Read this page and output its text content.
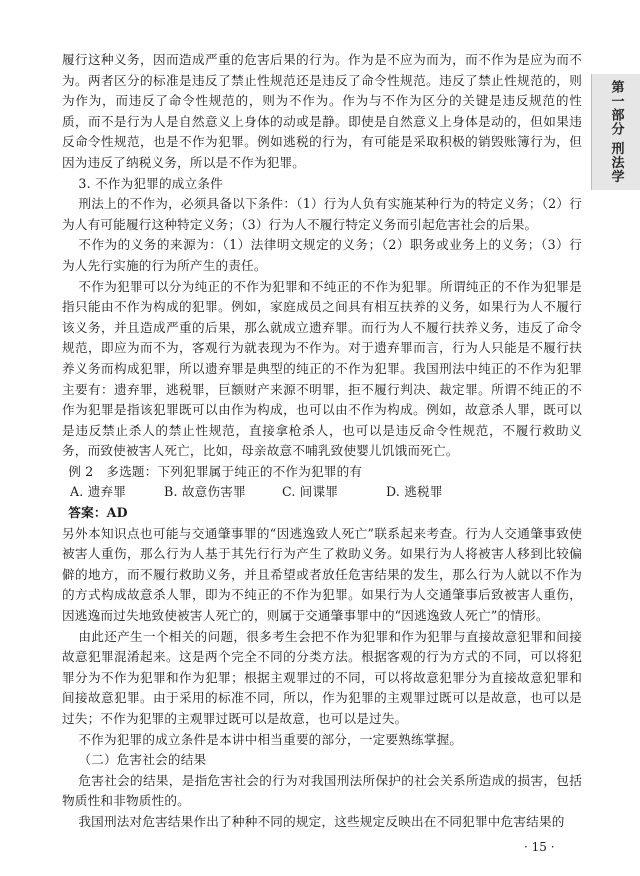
履行这种义务，因而造成严重的危害后果的行为。作为是不应为而为，而不作为是应为而不为。两者区分的标准是违反了禁止性规范还是违反了命令性规范。违反了禁止性规范的，则为作为，而违反了命令性规范的，则为不作为。作为与不作为区分的关键是违反规范的性质，而不是行为人是自然意义上身体的动或是静。即使是自然意义上身体是动的，但如果违反命令性规范，也是不作为犯罪。例如逃税的行为，有可能是采取积极的销毁账簿行为，但因为违反了纳税义务，所以是不作为犯罪。

3. 不作为犯罪的成立条件

刑法上的不作为，必须具备以下条件：（1）行为人负有实施某种行为的特定义务；（2）行为人有可能履行这种特定义务；（3）行为人不履行特定义务而引起危害社会的后果。

不作为的义务的来源为：（1）法律明文规定的义务；（2）职务或业务上的义务；（3）行为人先行实施的行为所产生的责任。

不作为犯罪可以分为纯正的不作为犯罪和不纯正的不作为犯罪。所谓纯正的不作为犯罪是指只能由不作为构成的犯罪。例如，家庭成员之间具有相互扶养的义务，如果行为人不履行该义务，并且造成严重的后果，那么就成立遗弃罪。而行为人不履行扶养义务，违反了命令规范，即应为而不为，客观行为就表现为不作为。对于遗弃罪而言，行为人只能是不履行扶养义务而构成犯罪，所以遗弃罪是典型的纯正的不作为犯罪。我国刑法中纯正的不作为犯罪主要有：遗弃罪，逃税罪，巨额财产来源不明罪，拒不履行判决、裁定罪。所谓不纯正的不作为犯罪是指该犯罪既可以由作为构成，也可以由不作为构成。例如，故意杀人罪，既可以是违反禁止杀人的禁止性规范，直接拿枪杀人，也可以是违反命令性规范，不履行救助义务，而致使被害人死亡，比如，母亲故意不哺乳致使婴儿饥饿而死亡。

例 2　多选题：下列犯罪属于纯正的不作为犯罪的有

A. 遗弃罪	B. 故意伤害罪	C. 间谍罪	D. 逃税罪

答案：AD

另外本知识点也可能与交通肇事罪的“因逃逸致人死亡”联系起来考查。行为人交通肇事致使被害人重伤，那么行为人基于其先行行为产生了救助义务。如果行为人将被害人移到比较偏僻的地方，而不履行救助义务，并且希望或者放任危害结果的发生，那么行为人就以不作为的方式构成故意杀人罪，即为不纯正的不作为犯罪。如果行为人交通肇事后致被害人重伤，因逃逸而过失地致使被害人死亡的，则属于交通肇事罪中的“因逃逸致人死亡”的情形。

由此还产生一个相关的问题，很多考生会把不作为犯罪和作为犯罪与直接故意犯罪和间接故意犯罪混淆起来。这是两个完全不同的分类方法。根据客观的行为方式的不同，可以将犯罪分为不作为犯罪和作为犯罪；根据主观罪过的不同，可以将故意犯罪分为直接故意犯罪和间接故意犯罪。由于采用的标准不同，所以，作为犯罪的主观罪过既可以是故意，也可以是过失；不作为犯罪的主观罪过既可以是故意，也可以是过失。

不作为犯罪的成立条件是本讲中相当重要的部分，一定要熟练掌握。

（二）危害社会的结果

危害社会的结果，是指危害社会的行为对我国刑法所保护的社会关系所造成的损害，包括物质性和非物质性的。

我国刑法对危害结果作出了种种不同的规定，这些规定反映出在不同犯罪中危害结果的

第一部分 刑法学
· 15 ·
